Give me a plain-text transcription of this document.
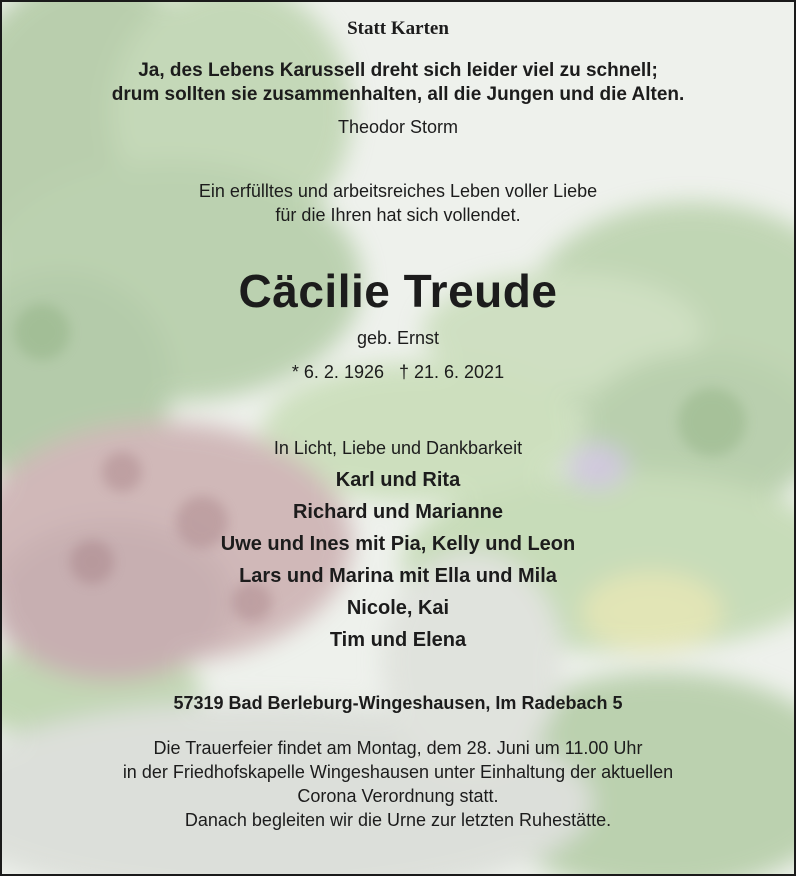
Statt Karten
Ja, des Lebens Karussell dreht sich leider viel zu schnell;
drum sollten sie zusammenhalten, all die Jungen und die Alten.
Theodor Storm
Ein erfülltes und arbeitsreiches Leben voller Liebe
für die Ihren hat sich vollendet.
Cäcilie Treude
geb. Ernst
* 6. 2. 1926   † 21. 6. 2021
In Licht, Liebe und Dankbarkeit
Karl und Rita
Richard und Marianne
Uwe und Ines mit Pia, Kelly und Leon
Lars und Marina mit Ella und Mila
Nicole, Kai
Tim und Elena
57319 Bad Berleburg-Wingeshausen, Im Radebach 5
Die Trauerfeier findet am Montag, dem 28. Juni um 11.00 Uhr
in der Friedhofskapelle Wingeshausen unter Einhaltung der aktuellen
Corona Verordnung statt.
Danach begleiten wir die Urne zur letzten Ruhestätte.
